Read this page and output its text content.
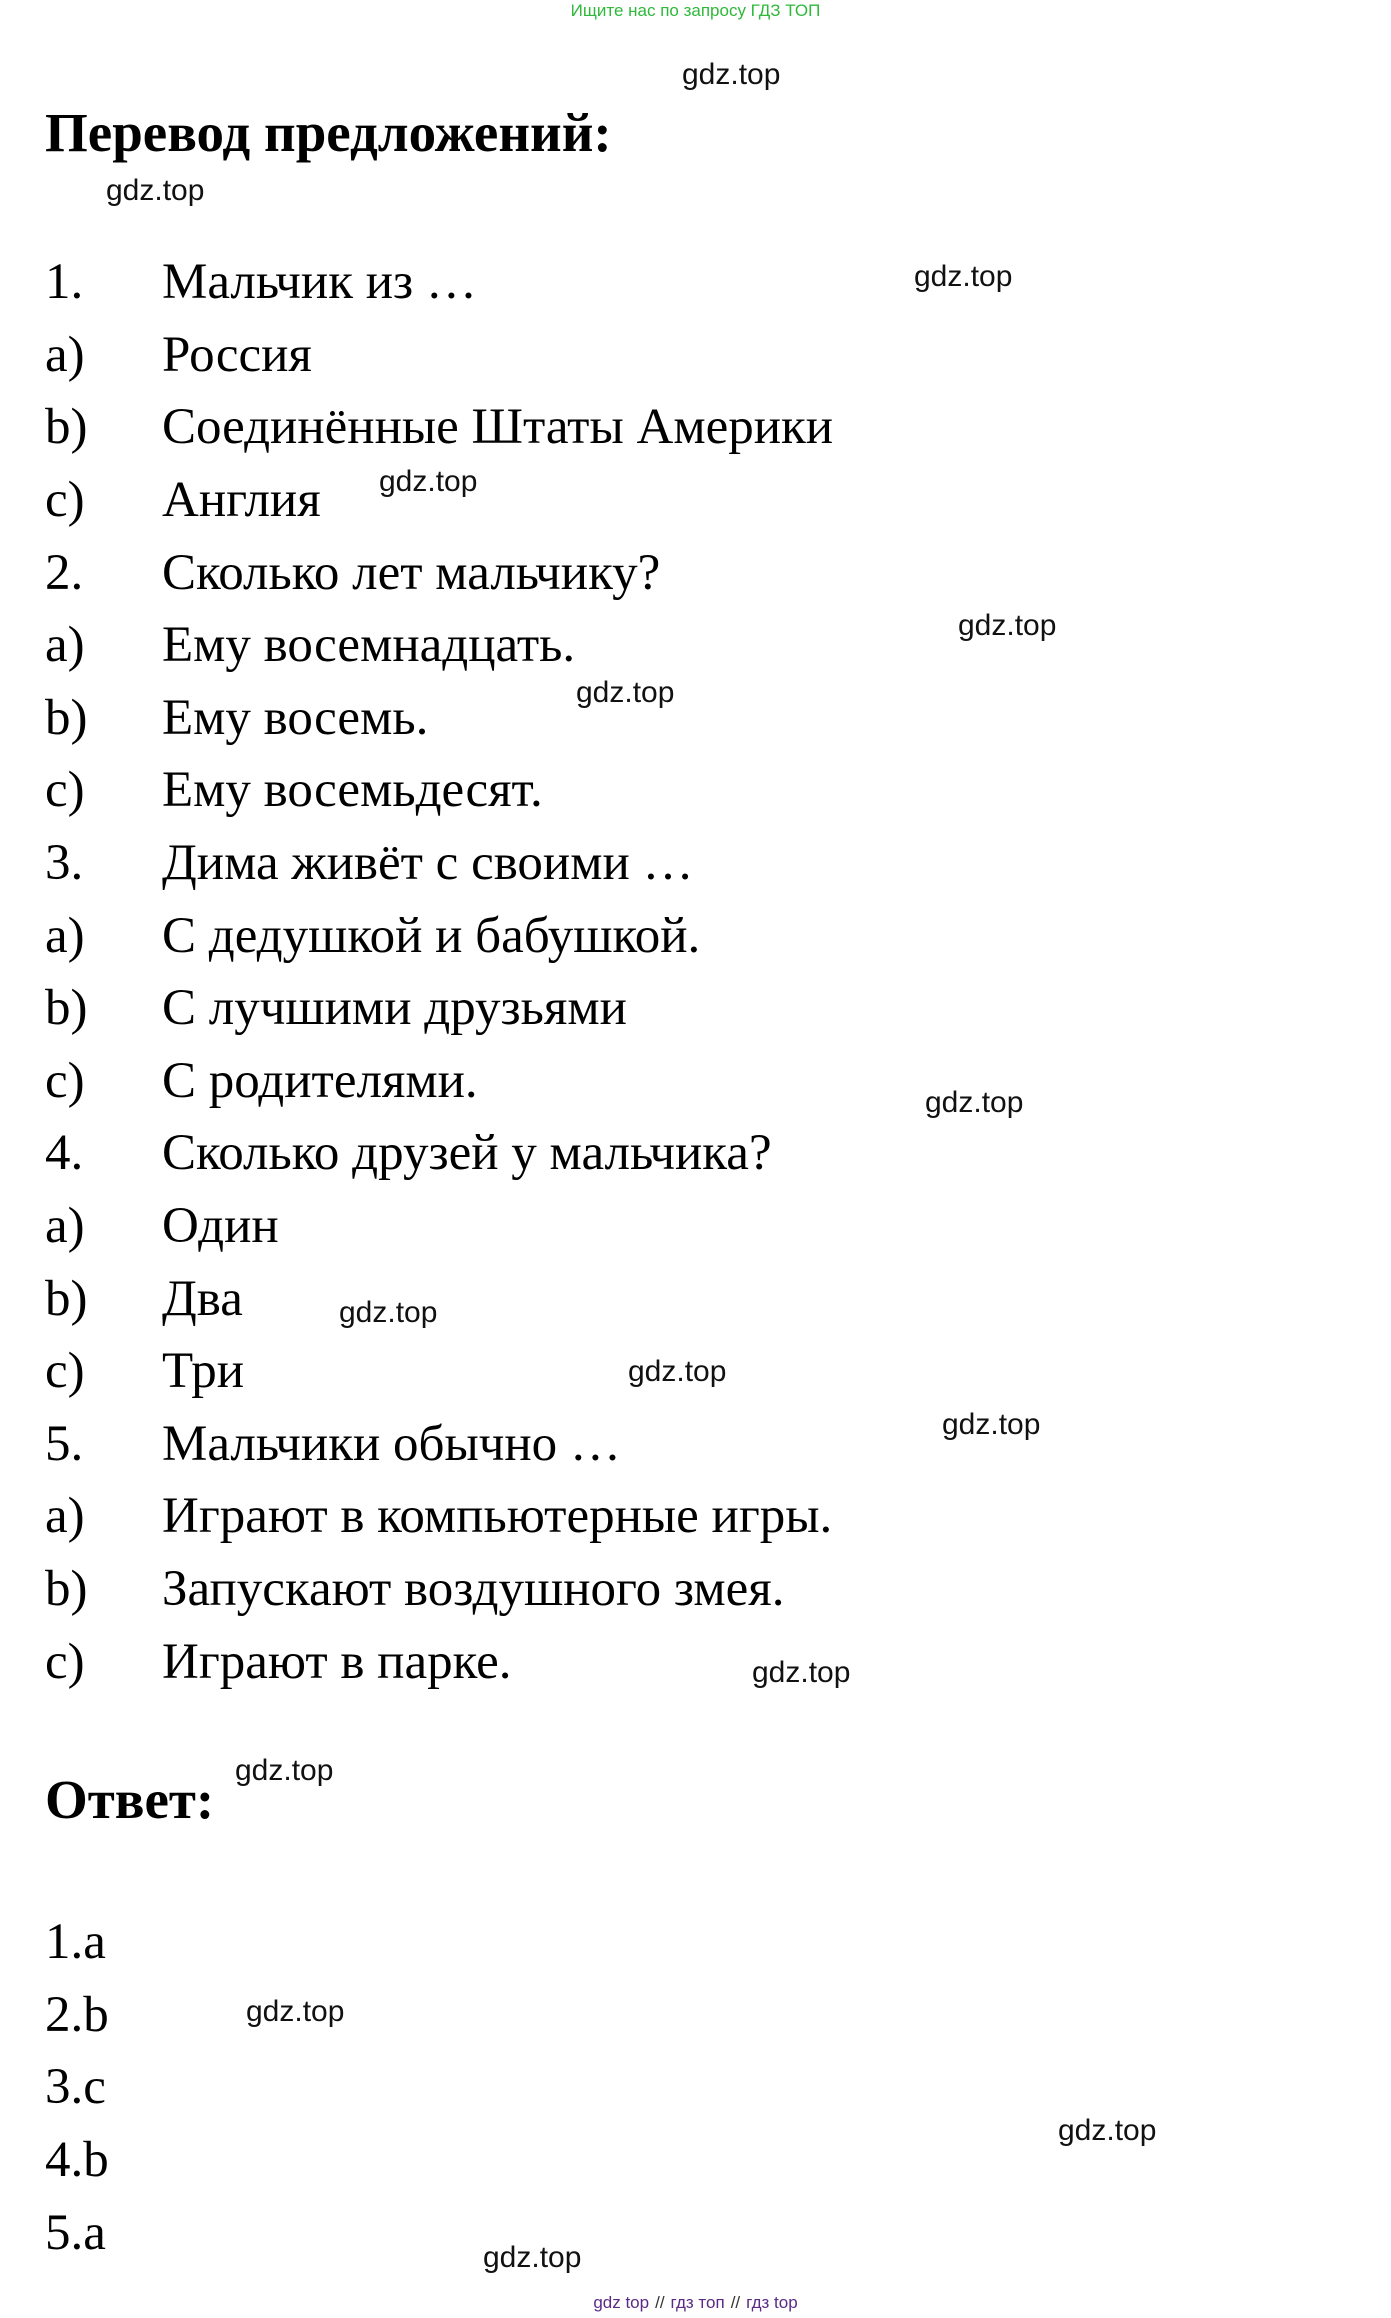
Ищите нас по запросу ГДЗ ТОП
Перевод предложений:
1.	Мальчик из …
a)	Россия
b)	Соединённые Штаты Америки
c)	Англия
2.	Сколько лет мальчику?
a)	Ему восемнадцать.
b)	Ему восемь.
c)	Ему восемьдесят.
3.	Дима живёт с своими …
a)	С дедушкой и бабушкой.
b)	С лучшими друзьями
c)	С родителями.
4.	Сколько друзей у мальчика?
a)	Один
b)	Два
c)	Три
5.	Мальчики обычно …
a)	Играют в компьютерные игры.
b)	Запускают воздушного змея.
c)	Играют в парке.
Ответ:
1.a
2.b
3.c
4.b
5.a
gdz.top
gdz.top
gdz.top
gdz.top
gdz.top
gdz.top
gdz.top
gdz.top
gdz.top
gdz.top
gdz.top
gdz.top
gdz.top
gdz.top
gdz.top
gdz top // гдз топ // гдз top
